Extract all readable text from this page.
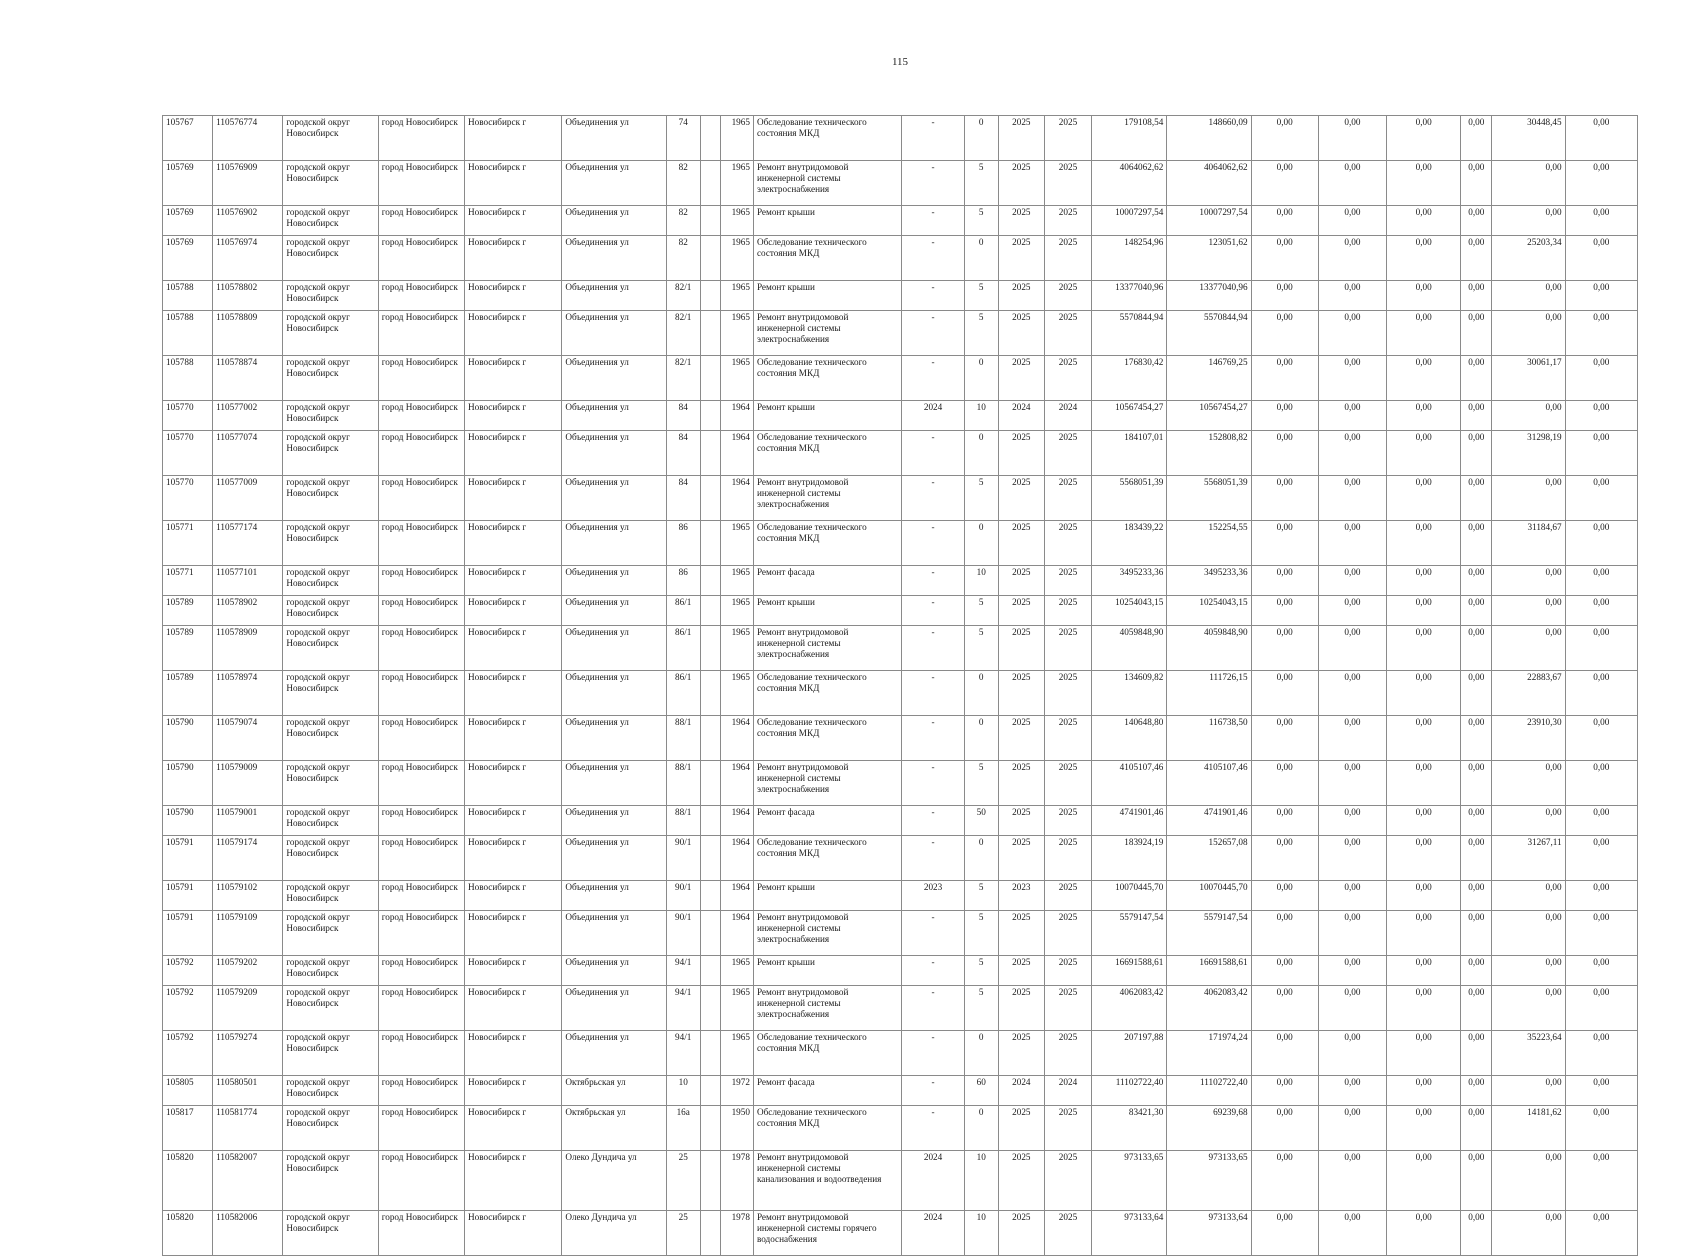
115
105767	110576774	городской округ Новосибирск	город Новосибирск	Новосибирск г	Объединения ул	74		1965	Обследование технического состояния МКД	-	0	2025	2025	179108,54	148660,09	0,00	0,00	0,00	0,00	30448,45	0,00
105769	110576909	городской округ Новосибирск	город Новосибирск	Новосибирск г	Объединения ул	82		1965	Ремонт внутридомовой инженерной системы электроснабжения	-	5	2025	2025	4064062,62	4064062,62	0,00	0,00	0,00	0,00	0,00	0,00
105769	110576902	городской округ Новосибирск	город Новосибирск	Новосибирск г	Объединения ул	82		1965	Ремонт крыши	-	5	2025	2025	10007297,54	10007297,54	0,00	0,00	0,00	0,00	0,00	0,00
105769	110576974	городской округ Новосибирск	город Новосибирск	Новосибирск г	Объединения ул	82		1965	Обследование технического состояния МКД	-	0	2025	2025	148254,96	123051,62	0,00	0,00	0,00	0,00	25203,34	0,00
105788	110578802	городской округ Новосибирск	город Новосибирск	Новосибирск г	Объединения ул	82/1		1965	Ремонт крыши	-	5	2025	2025	13377040,96	13377040,96	0,00	0,00	0,00	0,00	0,00	0,00
105788	110578809	городской округ Новосибирск	город Новосибирск	Новосибирск г	Объединения ул	82/1		1965	Ремонт внутридомовой инженерной системы электроснабжения	-	5	2025	2025	5570844,94	5570844,94	0,00	0,00	0,00	0,00	0,00	0,00
105788	110578874	городской округ Новосибирск	город Новосибирск	Новосибирск г	Объединения ул	82/1		1965	Обследование технического состояния МКД	-	0	2025	2025	176830,42	146769,25	0,00	0,00	0,00	0,00	30061,17	0,00
105770	110577002	городской округ Новосибирск	город Новосибирск	Новосибирск г	Объединения ул	84		1964	Ремонт крыши	2024	10	2024	2024	10567454,27	10567454,27	0,00	0,00	0,00	0,00	0,00	0,00
105770	110577074	городской округ Новосибирск	город Новосибирск	Новосибирск г	Объединения ул	84		1964	Обследование технического состояния МКД	-	0	2025	2025	184107,01	152808,82	0,00	0,00	0,00	0,00	31298,19	0,00
105770	110577009	городской округ Новосибирск	город Новосибирск	Новосибирск г	Объединения ул	84		1964	Ремонт внутридомовой инженерной системы электроснабжения	-	5	2025	2025	5568051,39	5568051,39	0,00	0,00	0,00	0,00	0,00	0,00
105771	110577174	городской округ Новосибирск	город Новосибирск	Новосибирск г	Объединения ул	86		1965	Обследование технического состояния МКД	-	0	2025	2025	183439,22	152254,55	0,00	0,00	0,00	0,00	31184,67	0,00
105771	110577101	городской округ Новосибирск	город Новосибирск	Новосибирск г	Объединения ул	86		1965	Ремонт фасада	-	10	2025	2025	3495233,36	3495233,36	0,00	0,00	0,00	0,00	0,00	0,00
105789	110578902	городской округ Новосибирск	город Новосибирск	Новосибирск г	Объединения ул	86/1		1965	Ремонт крыши	-	5	2025	2025	10254043,15	10254043,15	0,00	0,00	0,00	0,00	0,00	0,00
105789	110578909	городской округ Новосибирск	город Новосибирск	Новосибирск г	Объединения ул	86/1		1965	Ремонт внутридомовой инженерной системы электроснабжения	-	5	2025	2025	4059848,90	4059848,90	0,00	0,00	0,00	0,00	0,00	0,00
105789	110578974	городской округ Новосибирск	город Новосибирск	Новосибирск г	Объединения ул	86/1		1965	Обследование технического состояния МКД	-	0	2025	2025	134609,82	111726,15	0,00	0,00	0,00	0,00	22883,67	0,00
105790	110579074	городской округ Новосибирск	город Новосибирск	Новосибирск г	Объединения ул	88/1		1964	Обследование технического состояния МКД	-	0	2025	2025	140648,80	116738,50	0,00	0,00	0,00	0,00	23910,30	0,00
105790	110579009	городской округ Новосибирск	город Новосибирск	Новосибирск г	Объединения ул	88/1		1964	Ремонт внутридомовой инженерной системы электроснабжения	-	5	2025	2025	4105107,46	4105107,46	0,00	0,00	0,00	0,00	0,00	0,00
105790	110579001	городской округ Новосибирск	город Новосибирск	Новосибирск г	Объединения ул	88/1		1964	Ремонт фасада	-	50	2025	2025	4741901,46	4741901,46	0,00	0,00	0,00	0,00	0,00	0,00
105791	110579174	городской округ Новосибирск	город Новосибирск	Новосибирск г	Объединения ул	90/1		1964	Обследование технического состояния МКД	-	0	2025	2025	183924,19	152657,08	0,00	0,00	0,00	0,00	31267,11	0,00
105791	110579102	городской округ Новосибирск	город Новосибирск	Новосибирск г	Объединения ул	90/1		1964	Ремонт крыши	2023	5	2023	2025	10070445,70	10070445,70	0,00	0,00	0,00	0,00	0,00	0,00
105791	110579109	городской округ Новосибирск	город Новосибирск	Новосибирск г	Объединения ул	90/1		1964	Ремонт внутридомовой инженерной системы электроснабжения	-	5	2025	2025	5579147,54	5579147,54	0,00	0,00	0,00	0,00	0,00	0,00
105792	110579202	городской округ Новосибирск	город Новосибирск	Новосибирск г	Объединения ул	94/1		1965	Ремонт крыши	-	5	2025	2025	16691588,61	16691588,61	0,00	0,00	0,00	0,00	0,00	0,00
105792	110579209	городской округ Новосибирск	город Новосибирск	Новосибирск г	Объединения ул	94/1		1965	Ремонт внутридомовой инженерной системы электроснабжения	-	5	2025	2025	4062083,42	4062083,42	0,00	0,00	0,00	0,00	0,00	0,00
105792	110579274	городской округ Новосибирск	город Новосибирск	Новосибирск г	Объединения ул	94/1		1965	Обследование технического состояния МКД	-	0	2025	2025	207197,88	171974,24	0,00	0,00	0,00	0,00	35223,64	0,00
105805	110580501	городской округ Новосибирск	город Новосибирск	Новосибирск г	Октябрьская ул	10		1972	Ремонт фасада	-	60	2024	2024	11102722,40	11102722,40	0,00	0,00	0,00	0,00	0,00	0,00
105817	110581774	городской округ Новосибирск	город Новосибирск	Новосибирск г	Октябрьская ул	16а		1950	Обследование технического состояния МКД	-	0	2025	2025	83421,30	69239,68	0,00	0,00	0,00	0,00	14181,62	0,00
105820	110582007	городской округ Новосибирск	город Новосибирск	Новосибирск г	Олеко Дундича ул	25		1978	Ремонт внутридомовой инженерной системы канализования и водоотведения	2024	10	2025	2025	973133,65	973133,65	0,00	0,00	0,00	0,00	0,00	0,00
105820	110582006	городской округ Новосибирск	город Новосибирск	Новосибирск г	Олеко Дундича ул	25		1978	Ремонт внутридомовой инженерной системы горячего водоснабжения	2024	10	2025	2025	973133,64	973133,64	0,00	0,00	0,00	0,00	0,00	0,00
